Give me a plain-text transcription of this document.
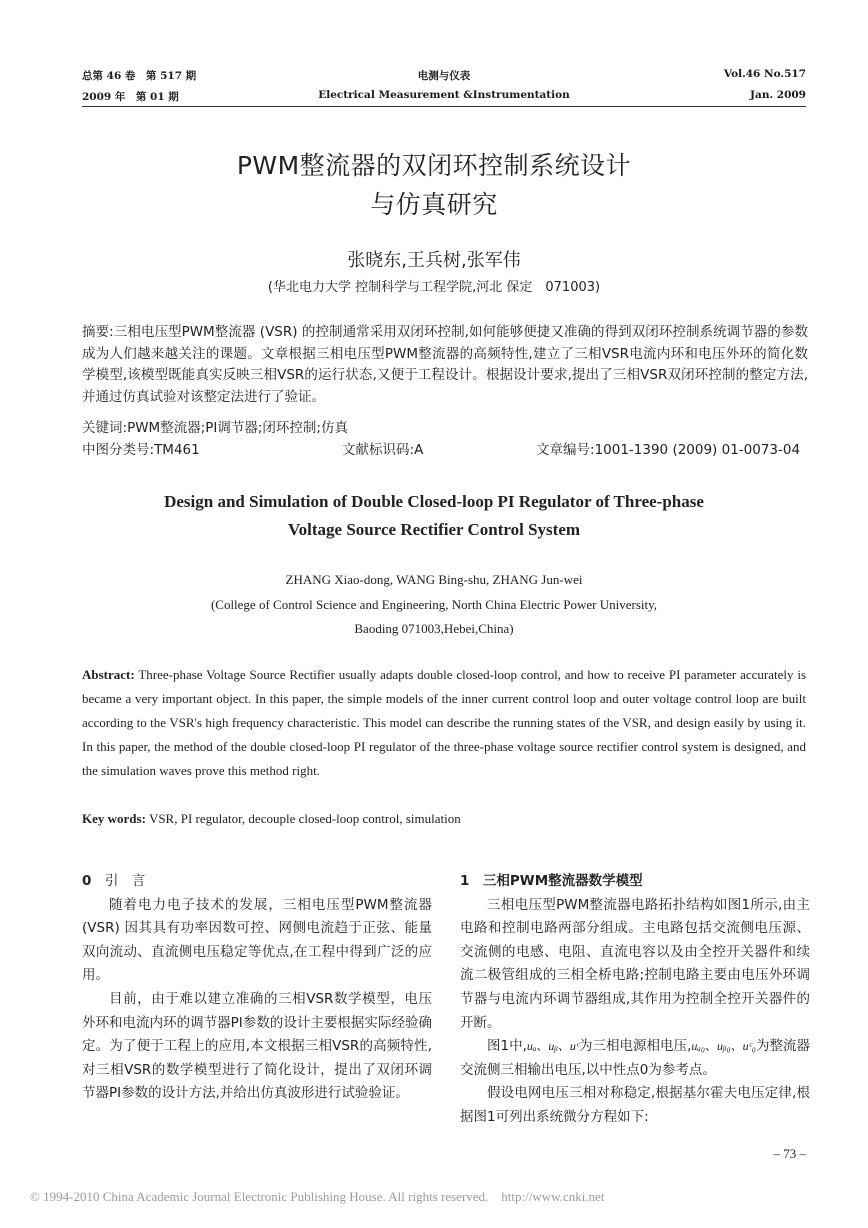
总第 46 卷　第 517 期
2009 年　第 01 期
电测与仪表
Electrical Measurement &Instrumentation
Vol.46 No.517
Jan. 2009
PWM整流器的双闭环控制系统设计
与仿真研究
张晓东,王兵树,张军伟
(华北电力大学 控制科学与工程学院,河北 保定　071003)
摘要:三相电压型PWM整流器 (VSR) 的控制通常采用双闭环控制,如何能够便捷又准确的得到双闭环控制系统调节器的参数成为人们越来越关注的课题。文章根据三相电压型PWM整流器的高频特性,建立了三相VSR电流内环和电压外环的简化数学模型,该模型既能真实反映三相VSR的运行状态,又便于工程设计。根据设计要求,提出了三相VSR双闭环控制的整定方法,并通过仿真试验对该整定法进行了验证。
关键词:PWM整流器;PI调节器;闭环控制;仿真
中图分类号:TM461	文献标识码:A	文章编号:1001-1390 (2009) 01-0073-04
Design and Simulation of Double Closed-loop PI Regulator of Three-phase
Voltage Source Rectifier Control System
ZHANG Xiao-dong, WANG Bing-shu, ZHANG Jun-wei
(College of Control Science and Engineering, North China Electric Power University,
Baoding 071003,Hebei,China)
Abstract: Three-phase Voltage Source Rectifier usually adapts double closed-loop control, and how to receive PI parameter accurately is became a very important object. In this paper, the simple models of the inner current control loop and outer voltage control loop are built according to the VSR's high frequency characteristic. This model can describe the running states of the VSR, and design easily by using it. In this paper, the method of the double closed-loop PI regulator of the three-phase voltage source rectifier control system is designed, and the simulation waves prove this method right.
Key words: VSR, PI regulator, decouple closed-loop control, simulation

0　 引　言

随着电力电子技术的发展，三相电压型PWM整流器 (VSR) 因其具有功率因数可控、网侧电流趋于正弦、能量双向流动、直流侧电压稳定等优点,在工程中得到广泛的应用。

目前，由于难以建立准确的三相VSR数学模型，电压外环和电流内环的调节器PI参数的设计主要根据实际经验确定。为了便于工程上的应用,本文根据三相VSR的高频特性,对三相VSR的数学模型进行了简化设计，提出了双闭环调节器PI参数的设计方法,并给出仿真波形进行试验验证。

1　 三相PWM整流器数学模型

三相电压型PWM整流器电路拓扑结构如图1所示,由主电路和控制电路两部分组成。主电路包括交流侧电压源、交流侧的电感、电阻、直流电容以及由全控开关器件和续流二极管组成的三相全桥电路;控制电路主要由电压外环调节器与电流内环调节器组成,其作用为控制全控开关器件的开断。

图1中,uₐ、uᵦ、uᶜ为三相电源相电压,uₐ₀、uᵦ₀、uᶜ₀为整流器交流侧三相输出电压,以中性点0为参考点。

假设电网电压三相对称稳定,根据基尔霍夫电压定律,根据图1可列出系统微分方程如下:

– 73 –
© 1994-2010 China Academic Journal Electronic Publishing House. All rights reserved.　http://www.cnki.net
